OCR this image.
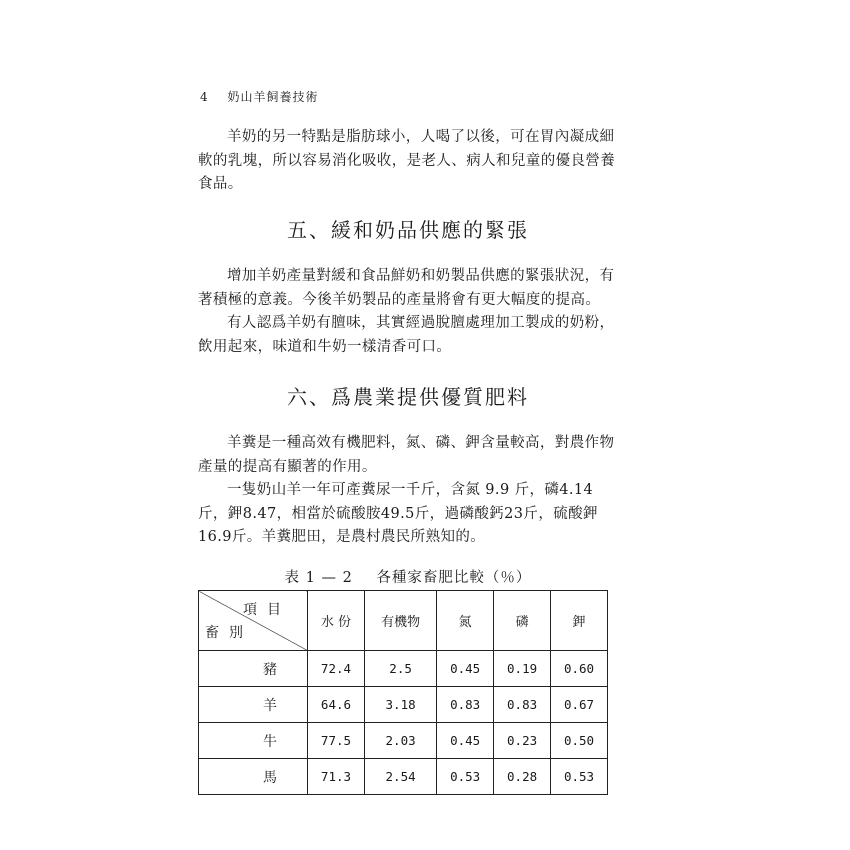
4 奶山羊飼養技術

羊奶的另一特點是脂肪球小，人喝了以後，可在胃內凝成細軟的乳塊，所以容易消化吸收，是老人、病人和兒童的優良營養食品。

五、緩和奶品供應的緊張

增加羊奶產量對緩和食品鮮奶和奶製品供應的緊張狀況，有著積極的意義。今後羊奶製品的產量將會有更大幅度的提高。

有人認爲羊奶有膻味，其實經過脫膻處理加工製成的奶粉，飲用起來，味道和牛奶一樣清香可口。

六、爲農業提供優質肥料

羊糞是一種高效有機肥料，氮、磷、鉀含量較高，對農作物產量的提高有顯著的作用。

一隻奶山羊一年可產糞尿一千斤，含氮 9.9 斤，磷4.14斤，鉀8.47，相當於硫酸胺49.5斤，過磷酸鈣23斤，硫酸鉀16.9斤。羊糞肥田，是農村農民所熟知的。

表 1 — 2 各種家畜肥比較（％）
項目
畜別	水 份	有機物	氮	磷	鉀
豬	72.4	2.5	0.45	0.19	0.60
羊	64.6	3.18	0.83	0.83	0.67
牛	77.5	2.03	0.45	0.23	0.50
馬	71.3	2.54	0.53	0.28	0.53
